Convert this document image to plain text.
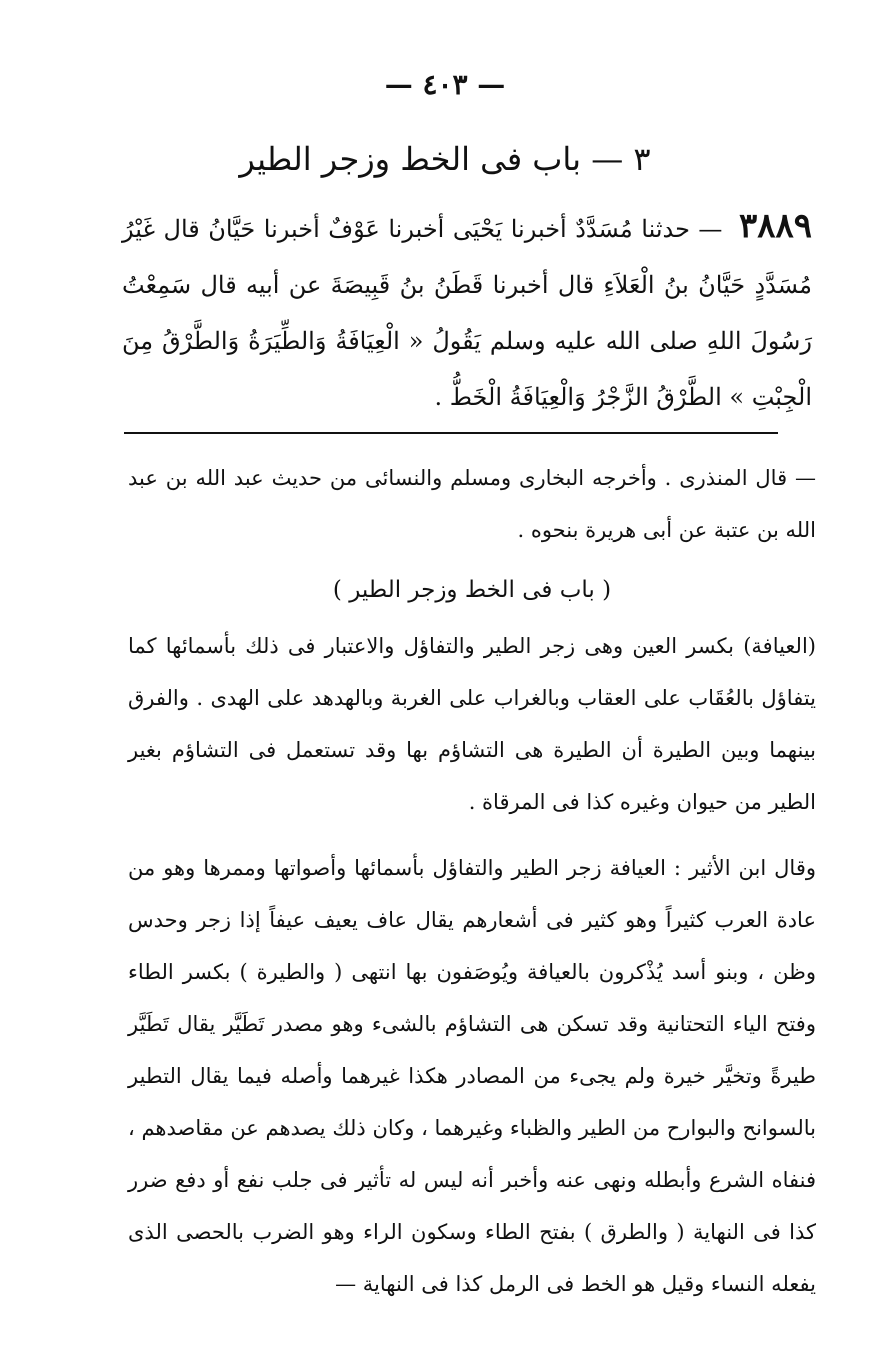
— ٤٠٣ —
٣ — باب فى الخط وزجر الطير
٣٨٨٩ — حدثنا مُسَدَّدٌ أخبرنا يَحْيَى أخبرنا عَوْفٌ أخبرنا حَيَّانُ قال غَيْرُ مُسَدَّدٍ حَيَّانُ بنُ الْعَلاَءِ قال أخبرنا قَطَنُ بنُ قَبِيصَةَ عن أبيه قال سَمِعْتُ رَسُولَ اللهِ صلى الله عليه وسلم يَقُولُ « الْعِيَافَةُ وَالطِّيَرَةُ وَالطَّرْقُ مِنَ الْجِبْتِ » الطَّرْقُ الزَّجْرُ وَالْعِيَافَةُ الْخَطُّ .

— قال المنذرى . وأخرجه البخارى ومسلم والنسائى من حديث عبد الله بن عبد الله بن عتبة عن أبى هريرة بنحوه .

( باب فى الخط وزجر الطير )

(العيافة) بكسر العين وهى زجر الطير والتفاؤل والاعتبار فى ذلك بأسمائها كما يتفاؤل بالعُقَاب على العقاب وبالغراب على الغربة وبالهدهد على الهدى . والفرق بينهما وبين الطيرة أن الطيرة هى التشاؤم بها وقد تستعمل فى التشاؤم بغير الطير من حيوان وغيره كذا فى المرقاة .

وقال ابن الأثير : العيافة زجر الطير والتفاؤل بأسمائها وأصواتها وممرها وهو من عادة العرب كثيراً وهو كثير فى أشعارهم يقال عاف يعيف عيفاً إذا زجر وحدس وظن ، وبنو أسد يُذْكرون بالعيافة ويُوصَفون بها انتهى ( والطيرة ) بكسر الطاء وفتح الياء التحتانية وقد تسكن هى التشاؤم بالشىء وهو مصدر تَطَيَّر يقال تَطَيَّر طيرةً وتخيَّر خيرة ولم يجىء من المصادر هكذا غيرهما وأصله فيما يقال التطير بالسوانح والبوارح من الطير والظباء وغيرهما ، وكان ذلك يصدهم عن مقاصدهم ، فنفاه الشرع وأبطله ونهى عنه وأخبر أنه ليس له تأثير فى جلب نفع أو دفع ضرر كذا فى النهاية ( والطرق ) بفتح الطاء وسكون الراء وهو الضرب بالحصى الذى يفعله النساء وقيل هو الخط فى الرمل كذا فى النهاية —
